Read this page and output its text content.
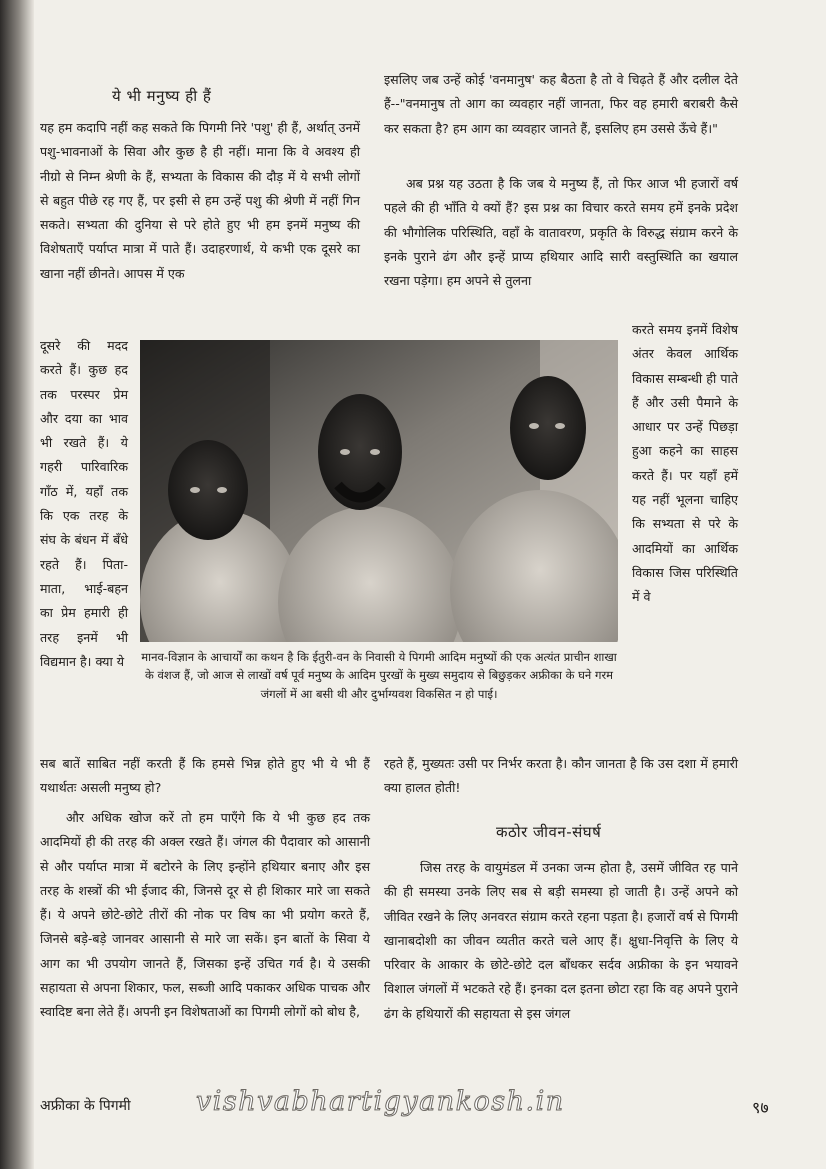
ये भी मनुष्य ही हैं

यह हम कदापि नहीं कह सकते कि पिगमी निरे 'पशु' ही हैं, अर्थात् उनमें पशु-भावनाओं के सिवा और कुछ है ही नहीं। माना कि वे अवश्य ही नीग्रो से निम्न श्रेणी के हैं, सभ्यता के विकास की दौड़ में ये सभी लोगों से बहुत पीछे रह गए हैं, पर इसी से हम उन्हें पशु की श्रेणी में नहीं गिन सकते। सभ्यता की दुनिया से परे होते हुए भी हम इनमें मनुष्य की विशेषताएँ पर्याप्त मात्रा में पाते हैं। उदाहरणार्थ, ये कभी एक दूसरे का खाना नहीं छीनते। आपस में एक

दूसरे की मदद करते हैं। कुछ हद तक परस्पर प्रेम और दया का भाव भी रखते हैं। ये गहरी पारिवारिक गाँठ में, यहाँ तक कि एक तरह के संघ के बंधन में बँधे रहते हैं। पिता-माता, भाई-बहन का प्रेम हमारी ही तरह इनमें भी विद्यमान है। क्या ये

सब बातें साबित नहीं करती हैं कि हमसे भिन्न होते हुए भी ये भी हैं यथार्थतः असली मनुष्य हो?

और अधिक खोज करें तो हम पाएँगे कि ये भी कुछ हद तक आदमियों ही की तरह की अक्ल रखते हैं। जंगल की पैदावार को आसानी से और पर्याप्त मात्रा में बटोरने के लिए इन्होंने हथियार बनाए और इस तरह के शस्त्रों की भी ईजाद की, जिनसे दूर से ही शिकार मारे जा सकते हैं। ये अपने छोटे-छोटे तीरों की नोक पर विष का भी प्रयोग करते हैं, जिनसे बड़े-बड़े जानवर आसानी से मारे जा सकें। इन बातों के सिवा ये आग का भी उपयोग जानते हैं, जिसका इन्हें उचित गर्व है। ये उसकी सहायता से अपना शिकार, फल, सब्जी आदि पकाकर अधिक पाचक और स्वादिष्ट बना लेते हैं। अपनी इन विशेषताओं का पिगमी लोगों को बोध है,

इसलिए जब उन्हें कोई 'वनमानुष' कह बैठता है तो वे चिढ़ते हैं और दलील देते हैं--"वनमानुष तो आग का व्यवहार नहीं जानता, फिर वह हमारी बराबरी कैसे कर सकता है? हम आग का व्यवहार जानते हैं, इसलिए हम उससे ऊँचे हैं।"

अब प्रश्न यह उठता है कि जब ये मनुष्य हैं, तो फिर आज भी हजारों वर्ष पहले की ही भाँति ये क्यों हैं? इस प्रश्न का विचार करते समय हमें इनके प्रदेश की भौगोलिक परिस्थिति, वहाँ के वातावरण, प्रकृति के विरुद्ध संग्राम करने के इनके पुराने ढंग और इन्हें प्राप्य हथियार आदि सारी वस्तुस्थिति का खयाल रखना पड़ेगा। हम अपने से तुलना

करते समय इनमें विशेष अंतर केवल आर्थिक विकास सम्बन्धी ही पाते हैं और उसी पैमाने के आधार पर उन्हें पिछड़ा हुआ कहने का साहस करते हैं। पर यहाँ हमें यह नहीं भूलना चाहिए कि सभ्यता से परे के आदमियों का आर्थिक विकास जिस परिस्थिति में वे

रहते हैं, मुख्यतः उसी पर निर्भर करता है। कौन जानता है कि उस दशा में हमारी क्या हालत होती!

कठोर जीवन-संघर्ष

जिस तरह के वायुमंडल में उनका जन्म होता है, उसमें जीवित रह पाने की ही समस्या उनके लिए सब से बड़ी समस्या हो जाती है। उन्हें अपने को जीवित रखने के लिए अनवरत संग्राम करते रहना पड़ता है। हजारों वर्ष से पिगमी खानाबदोशी का जीवन व्यतीत करते चले आए हैं। क्षुधा-निवृत्ति के लिए ये परिवार के आकार के छोटे-छोटे दल बाँधकर सर्दव अफ्रीका के इन भयावने विशाल जंगलों में भटकते रहे हैं। इनका दल इतना छोटा रहा कि वह अपने पुराने ढंग के हथियारों की सहायता से इस जंगल

मानव-विज्ञान के आचार्यों का कथन है कि ईतुरी-वन के निवासी ये पिगमी आदिम मनुष्यों की एक अत्यंत प्राचीन शाखा के वंशज हैं, जो आज से लाखों वर्ष पूर्व मनुष्य के आदिम पुरखों के मुख्य समुदाय से बिछुड़कर अफ्रीका के घने गरम जंगलों में आ बसी थी और दुर्भाग्यवश विकसित न हो पाई।

अफ्रीका के पिगमी vishvabhartigyankosh.in	९७
